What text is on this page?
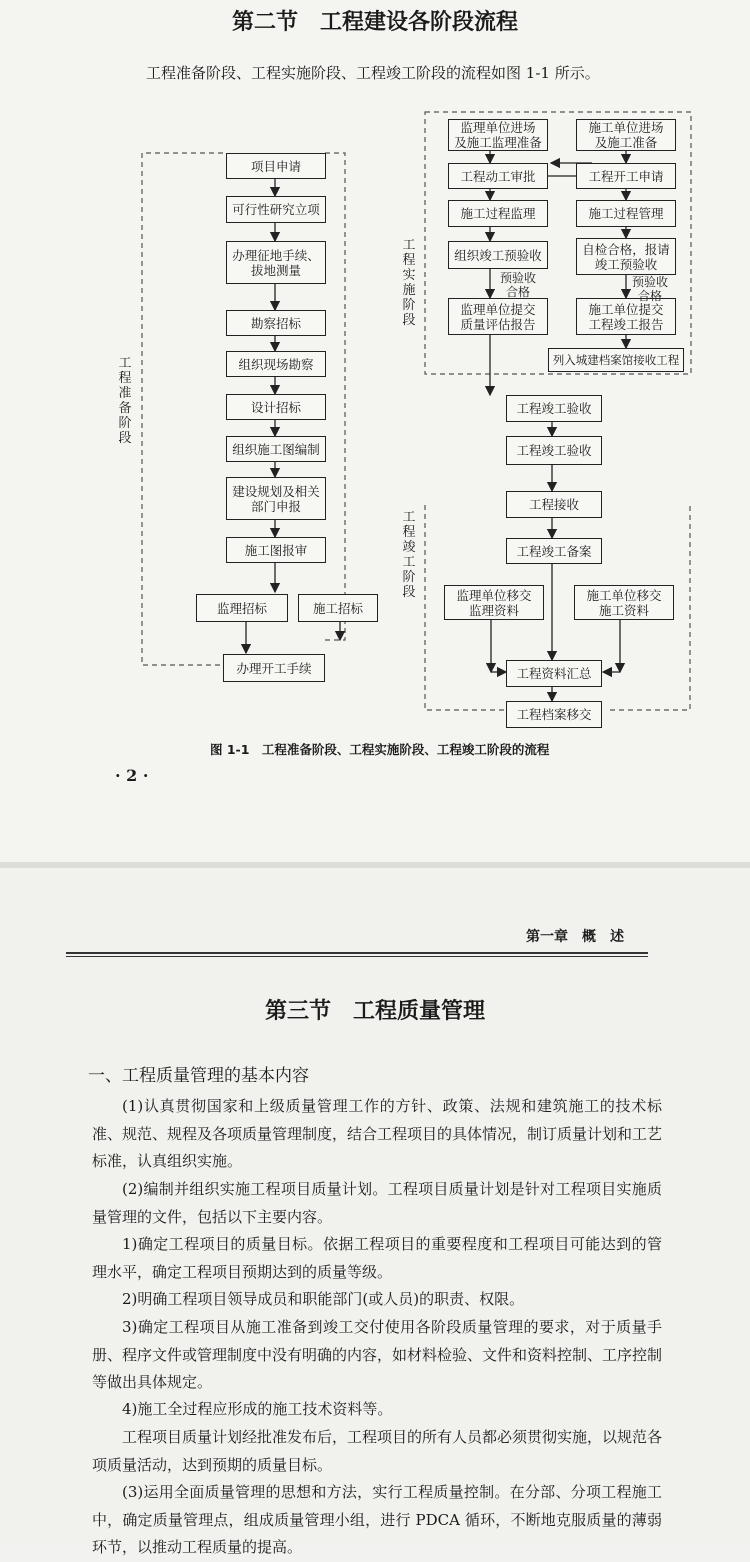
第二节　工程建设各阶段流程
工程准备阶段、工程实施阶段、工程竣工阶段的流程如图 1-1 所示。
工程准备阶段
工程实施阶段
工程竣工阶段
项目申请
可行性研究立项
办理征地手续、
拔地测量
勘察招标
组织现场勘察
设计招标
组织施工图编制
建设规划及相关
部门申报
施工图报审
监理招标	施工招标
办理开工手续
监理单位进场
及施工监理准备
工程动工审批
施工过程监理
组织竣工预验收
监理单位提交
质量评估报告
预验收
合格
施工单位进场
及施工准备
工程开工申请
施工过程管理
自检合格，报请
竣工预验收
施工单位提交
工程竣工报告
预验收
合格
列入城建档案馆接收工程
工程竣工验收
工程竣工验收
工程接收
工程竣工备案
监理单位移交
监理资料
施工单位移交
施工资料
工程资料汇总
工程档案移交
图 1-1　工程准备阶段、工程实施阶段、工程竣工阶段的流程
· 2 ·
第一章　概　述
第三节　工程质量管理
一、工程质量管理的基本内容
(1)认真贯彻国家和上级质量管理工作的方针、政策、法规和建筑施工的技术标准、规范、规程及各项质量管理制度，结合工程项目的具体情况，制订质量计划和工艺标准，认真组织实施。
(2)编制并组织实施工程项目质量计划。工程项目质量计划是针对工程项目实施质量管理的文件，包括以下主要内容。
1)确定工程项目的质量目标。依据工程项目的重要程度和工程项目可能达到的管理水平，确定工程项目预期达到的质量等级。
2)明确工程项目领导成员和职能部门(或人员)的职责、权限。
3)确定工程项目从施工准备到竣工交付使用各阶段质量管理的要求，对于质量手册、程序文件或管理制度中没有明确的内容，如材料检验、文件和资料控制、工序控制等做出具体规定。
4)施工全过程应形成的施工技术资料等。
工程项目质量计划经批准发布后，工程项目的所有人员都必须贯彻实施，以规范各项质量活动，达到预期的质量目标。
(3)运用全面质量管理的思想和方法，实行工程质量控制。在分部、分项工程施工中，确定质量管理点，组成质量管理小组，进行 PDCA 循环，不断地克服质量的薄弱环节，以推动工程质量的提高。
